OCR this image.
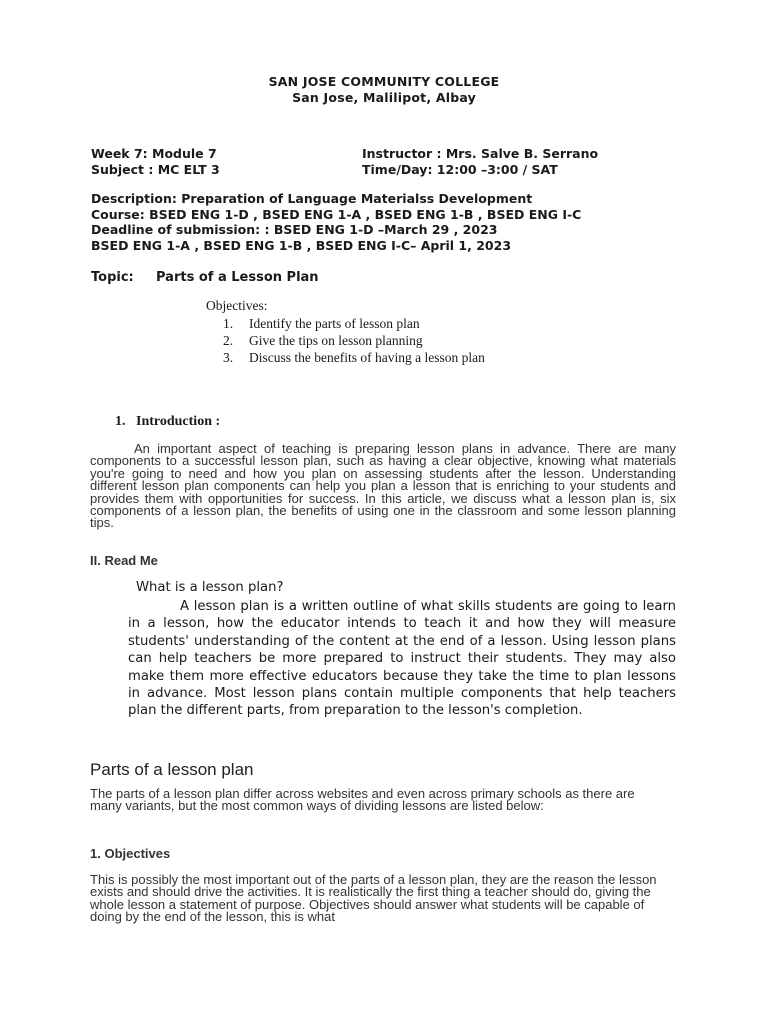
SAN JOSE COMMUNITY COLLEGE
San Jose, Malilipot, Albay
Week 7: Module 7	Instructor : Mrs. Salve B. Serrano
Subject : MC ELT 3	Time/Day: 12:00 –3:00 / SAT
Description: Preparation of Language Materialss Development
Course: BSED ENG 1-D , BSED ENG 1-A , BSED ENG 1-B , BSED ENG I-C
Deadline of submission: : BSED ENG 1-D –March 29 , 2023
BSED ENG 1-A , BSED ENG 1-B , BSED ENG I-C– April 1, 2023
Topic: Parts of a Lesson Plan
Objectives:
1. Identify the parts of lesson plan
2. Give the tips on lesson planning
3. Discuss the benefits of having a lesson plan
1. Introduction :
An important aspect of teaching is preparing lesson plans in advance. There are many components to a successful lesson plan, such as having a clear objective, knowing what materials you're going to need and how you plan on assessing students after the lesson. Understanding different lesson plan components can help you plan a lesson that is enriching to your students and provides them with opportunities for success. In this article, we discuss what a lesson plan is, six components of a lesson plan, the benefits of using one in the classroom and some lesson planning tips.
II. Read Me
What is a lesson plan?
A lesson plan is a written outline of what skills students are going to learn in a lesson, how the educator intends to teach it and how they will measure students' understanding of the content at the end of a lesson. Using lesson plans can help teachers be more prepared to instruct their students. They may also make them more effective educators because they take the time to plan lessons in advance. Most lesson plans contain multiple components that help teachers plan the different parts, from preparation to the lesson's completion.
Parts of a lesson plan
The parts of a lesson plan differ across websites and even across primary schools as there are many variants, but the most common ways of dividing lessons are listed below:
1. Objectives
This is possibly the most important out of the parts of a lesson plan, they are the reason the lesson exists and should drive the activities. It is realistically the first thing a teacher should do, giving the whole lesson a statement of purpose. Objectives should answer what students will be capable of doing by the end of the lesson, this is what
